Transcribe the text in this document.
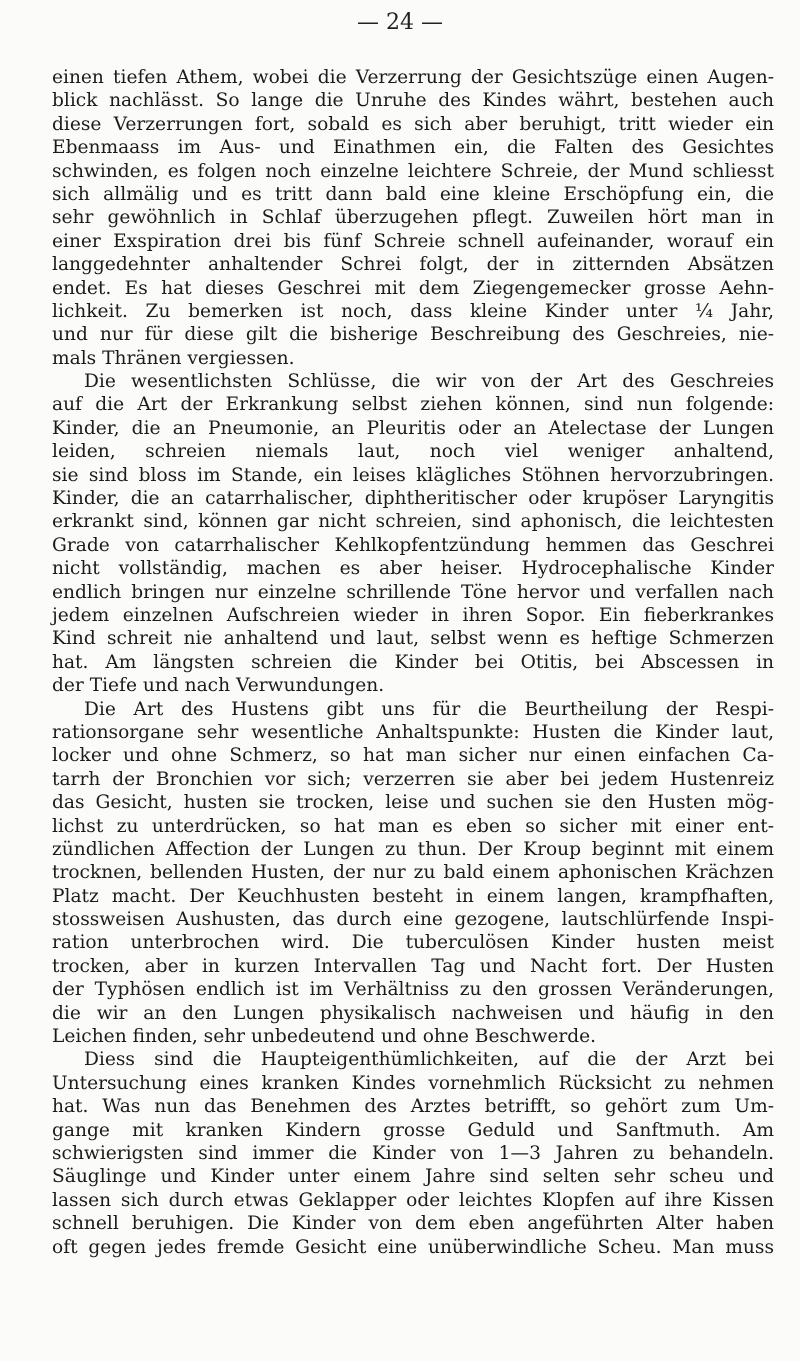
— 24 —
einen tiefen Athem, wobei die Verzerrung der Gesichtszüge einen Augen-
blick nachlässt. So lange die Unruhe des Kindes währt, bestehen auch
diese Verzerrungen fort, sobald es sich aber beruhigt, tritt wieder ein
Ebenmaass im Aus- und Einathmen ein, die Falten des Gesichtes
schwinden, es folgen noch einzelne leichtere Schreie, der Mund schliesst
sich allmälig und es tritt dann bald eine kleine Erschöpfung ein, die
sehr gewöhnlich in Schlaf überzugehen pflegt. Zuweilen hört man in
einer Exspiration drei bis fünf Schreie schnell aufeinander, worauf ein
langgedehnter anhaltender Schrei folgt, der in zitternden Absätzen
endet. Es hat dieses Geschrei mit dem Ziegengemecker grosse Aehn-
lichkeit. Zu bemerken ist noch, dass kleine Kinder unter ¼ Jahr,
und nur für diese gilt die bisherige Beschreibung des Geschreies, nie-
mals Thränen vergiessen.
Die wesentlichsten Schlüsse, die wir von der Art des Geschreies
auf die Art der Erkrankung selbst ziehen können, sind nun folgende:
Kinder, die an Pneumonie, an Pleuritis oder an Atelectase der Lungen
leiden, schreien niemals laut, noch viel weniger anhaltend,
sie sind bloss im Stande, ein leises klägliches Stöhnen hervorzubringen.
Kinder, die an catarrhalischer, diphtheritischer oder krupöser Laryngitis
erkrankt sind, können gar nicht schreien, sind aphonisch, die leichtesten
Grade von catarrhalischer Kehlkopfentzündung hemmen das Geschrei
nicht vollständig, machen es aber heiser. Hydrocephalische Kinder
endlich bringen nur einzelne schrillende Töne hervor und verfallen nach
jedem einzelnen Aufschreien wieder in ihren Sopor. Ein fieberkrankes
Kind schreit nie anhaltend und laut, selbst wenn es heftige Schmerzen
hat. Am längsten schreien die Kinder bei Otitis, bei Abscessen in
der Tiefe und nach Verwundungen.
Die Art des Hustens gibt uns für die Beurtheilung der Respi-
rationsorgane sehr wesentliche Anhaltspunkte: Husten die Kinder laut,
locker und ohne Schmerz, so hat man sicher nur einen einfachen Ca-
tarrh der Bronchien vor sich; verzerren sie aber bei jedem Hustenreiz
das Gesicht, husten sie trocken, leise und suchen sie den Husten mög-
lichst zu unterdrücken, so hat man es eben so sicher mit einer ent-
zündlichen Affection der Lungen zu thun. Der Kroup beginnt mit einem
trocknen, bellenden Husten, der nur zu bald einem aphonischen Krächzen
Platz macht. Der Keuchhusten besteht in einem langen, krampfhaften,
stossweisen Aushusten, das durch eine gezogene, lautschlürfende Inspi-
ration unterbrochen wird. Die tuberculösen Kinder husten meist
trocken, aber in kurzen Intervallen Tag und Nacht fort. Der Husten
der Typhösen endlich ist im Verhältniss zu den grossen Veränderungen,
die wir an den Lungen physikalisch nachweisen und häufig in den
Leichen finden, sehr unbedeutend und ohne Beschwerde.
Diess sind die Haupteigenthümlichkeiten, auf die der Arzt bei
Untersuchung eines kranken Kindes vornehmlich Rücksicht zu nehmen
hat. Was nun das Benehmen des Arztes betrifft, so gehört zum Um-
gange mit kranken Kindern grosse Geduld und Sanftmuth. Am
schwierigsten sind immer die Kinder von 1—3 Jahren zu behandeln.
Säuglinge und Kinder unter einem Jahre sind selten sehr scheu und
lassen sich durch etwas Geklapper oder leichtes Klopfen auf ihre Kissen
schnell beruhigen. Die Kinder von dem eben angeführten Alter haben
oft gegen jedes fremde Gesicht eine unüberwindliche Scheu. Man muss
